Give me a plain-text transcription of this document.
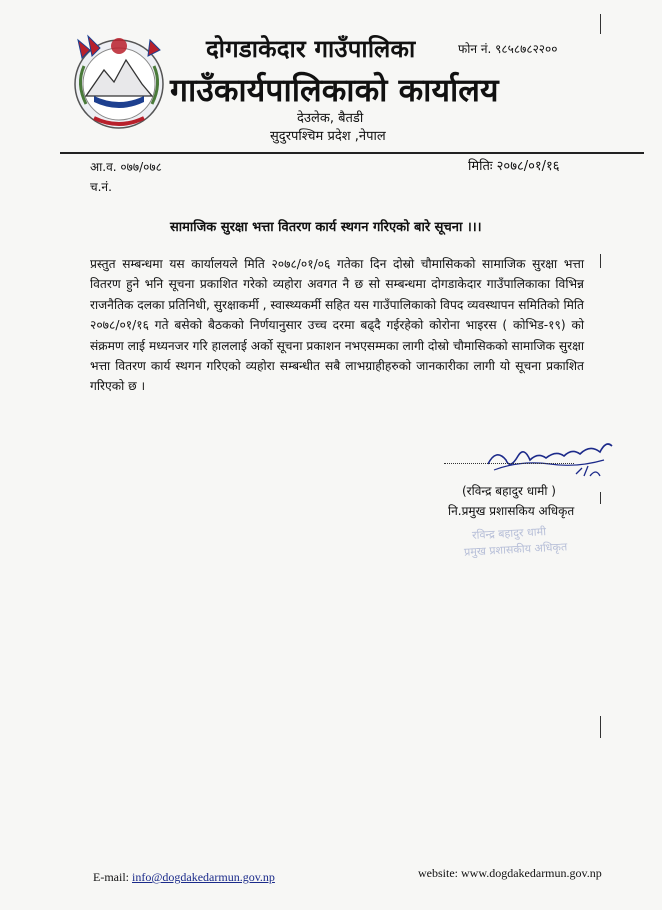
दोगडाकेदार गाउँपालिका
गाउँकार्यपालिकाको कार्यालय
फोन नं. ९८५८७८२२००
देउलेक, बैतडी
सुदुरपश्चिम प्रदेश ,नेपाल
आ.व. ०७७/०७८	मितिः २०७८/०१/१६
च.नं.
सामाजिक सुरक्षा भत्ता वितरण कार्य स्थगन गरिएको बारे सूचना ।।।
प्रस्तुत सम्बन्धमा यस कार्यालयले मिति २०७८/०१/०६ गतेका दिन दोस्रो चौमासिकको सामाजिक सुरक्षा भत्ता वितरण हुने भनि सूचना प्रकाशित गरेको व्यहोरा अवगत नै छ सो सम्बन्धमा दोगडाकेदार गाउँपालिकाका विभिन्न राजनैतिक दलका प्रतिनिधी, सुरक्षाकर्मी , स्वास्थ्यकर्मी सहित यस गाउँपालिकाको विपद व्यवस्थापन समितिको मिति २०७८/०१/१६ गते बसेको बैठकको निर्णयानुसार उच्च दरमा बढ्दै गईरहेको कोरोना भाइरस ( कोभिड-१९) को संक्रमण लाई मध्यनजर गरि हाललाई अर्को सूचना प्रकाशन नभएसम्मका लागी दोस्रो चौमासिकको सामाजिक सुरक्षा भत्ता वितरण कार्य स्थगन गरिएको व्यहोरा सम्बन्धीत सबै लाभग्राहीहरुको जानकारीका लागी यो सूचना प्रकाशित गरिएको छ ।
(रविन्द्र बहादुर धामी )
नि.प्रमुख प्रशासकिय अधिकृत
रविन्द्र बहादुर धामी
प्रमुख प्रशासकीय अधिकृत
E-mail: info@dogdakedarmun.gov.np	website: www.dogdakedarmun.gov.np
